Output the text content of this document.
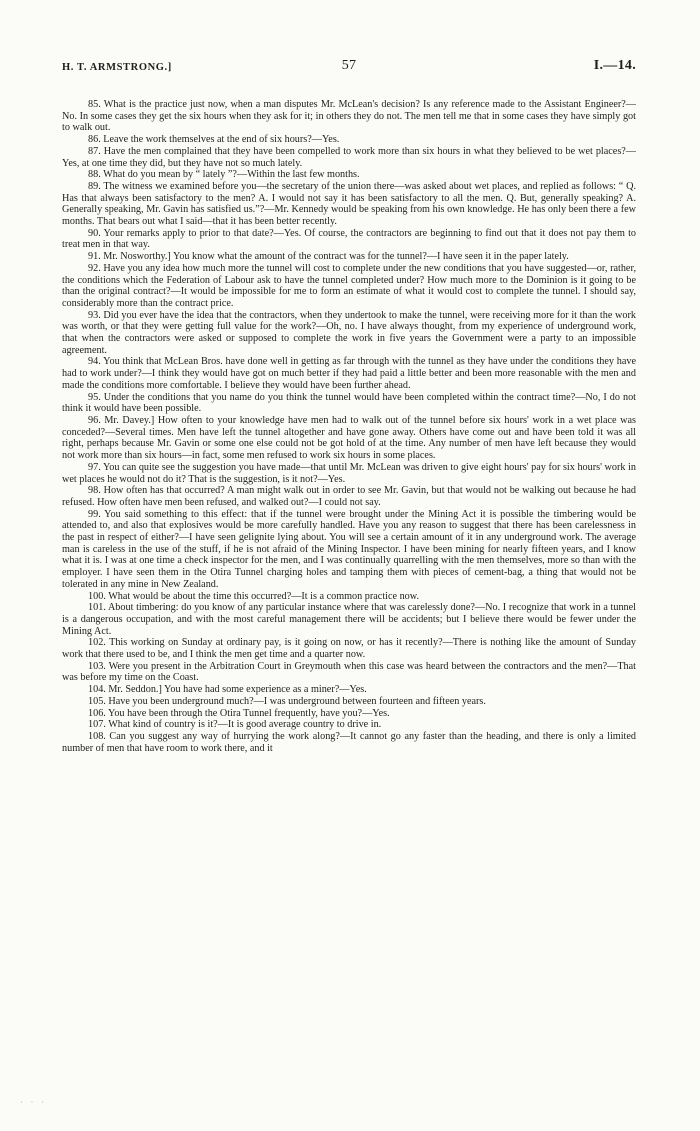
H. T. ARMSTRONG.]	57	I.—14.

85. What is the practice just now, when a man disputes Mr. McLean's decision? Is any reference made to the Assistant Engineer?—No. In some cases they get the six hours when they ask for it; in others they do not. The men tell me that in some cases they have simply got to walk out.

86. Leave the work themselves at the end of six hours?—Yes.

87. Have the men complained that they have been compelled to work more than six hours in what they believed to be wet places?—Yes, at one time they did, but they have not so much lately.

88. What do you mean by “ lately ”?—Within the last few months.

89. The witness we examined before you—the secretary of the union there—was asked about wet places, and replied as follows: “ Q. Has that always been satisfactory to the men? A. I would not say it has been satisfactory to all the men. Q. But, generally speaking? A. Generally speaking, Mr. Gavin has satisfied us.”?—Mr. Kennedy would be speaking from his own knowledge. He has only been there a few months. That bears out what I said—that it has been better recently.

90. Your remarks apply to prior to that date?—Yes. Of course, the contractors are beginning to find out that it does not pay them to treat men in that way.

91. Mr. Nosworthy.] You know what the amount of the contract was for the tunnel?—I have seen it in the paper lately.

92. Have you any idea how much more the tunnel will cost to complete under the new conditions that you have suggested—or, rather, the conditions which the Federation of Labour ask to have the tunnel completed under? How much more to the Dominion is it going to be than the original contract?—It would be impossible for me to form an estimate of what it would cost to complete the tunnel. I should say, considerably more than the contract price.

93. Did you ever have the idea that the contractors, when they undertook to make the tunnel, were receiving more for it than the work was worth, or that they were getting full value for the work?—Oh, no. I have always thought, from my experience of underground work, that when the contractors were asked or supposed to complete the work in five years the Government were a party to an impossible agreement.

94. You think that McLean Bros. have done well in getting as far through with the tunnel as they have under the conditions they have had to work under?—I think they would have got on much better if they had paid a little better and been more reasonable with the men and made the conditions more comfortable. I believe they would have been further ahead.

95. Under the conditions that you name do you think the tunnel would have been completed within the contract time?—No, I do not think it would have been possible.

96. Mr. Davey.] How often to your knowledge have men had to walk out of the tunnel before six hours' work in a wet place was conceded?—Several times. Men have left the tunnel altogether and have gone away. Others have come out and have been told it was all right, perhaps because Mr. Gavin or some one else could not be got hold of at the time. Any number of men have left because they would not work more than six hours—in fact, some men refused to work six hours in some places.

97. You can quite see the suggestion you have made—that until Mr. McLean was driven to give eight hours' pay for six hours' work in wet places he would not do it? That is the suggestion, is it not?—Yes.

98. How often has that occurred? A man might walk out in order to see Mr. Gavin, but that would not be walking out because he had refused. How often have men been refused, and walked out?—I could not say.

99. You said something to this effect: that if the tunnel were brought under the Mining Act it is possible the timbering would be attended to, and also that explosives would be more carefully handled. Have you any reason to suggest that there has been carelessness in the past in respect of either?—I have seen gelignite lying about. You will see a certain amount of it in any underground work. The average man is careless in the use of the stuff, if he is not afraid of the Mining Inspector. I have been mining for nearly fifteen years, and I know what it is. I was at one time a check inspector for the men, and I was continually quarrelling with the men themselves, more so than with the employer. I have seen them in the Otira Tunnel charging holes and tamping them with pieces of cement-bag, a thing that would not be tolerated in any mine in New Zealand.

100. What would be about the time this occurred?—It is a common practice now.

101. About timbering: do you know of any particular instance where that was carelessly done?—No. I recognize that work in a tunnel is a dangerous occupation, and with the most careful management there will be accidents; but I believe there would be fewer under the Mining Act.

102. This working on Sunday at ordinary pay, is it going on now, or has it recently?—There is nothing like the amount of Sunday work that there used to be, and I think the men get time and a quarter now.

103. Were you present in the Arbitration Court in Greymouth when this case was heard between the contractors and the men?—That was before my time on the Coast.

104. Mr. Seddon.] You have had some experience as a miner?—Yes.

105. Have you been underground much?—I was underground between fourteen and fifteen years.

106. You have been through the Otira Tunnel frequently, have you?—Yes.

107. What kind of country is it?—It is good average country to drive in.

108. Can you suggest any way of hurrying the work along?—It cannot go any faster than the heading, and there is only a limited number of men that have room to work there, and it

· · ·
